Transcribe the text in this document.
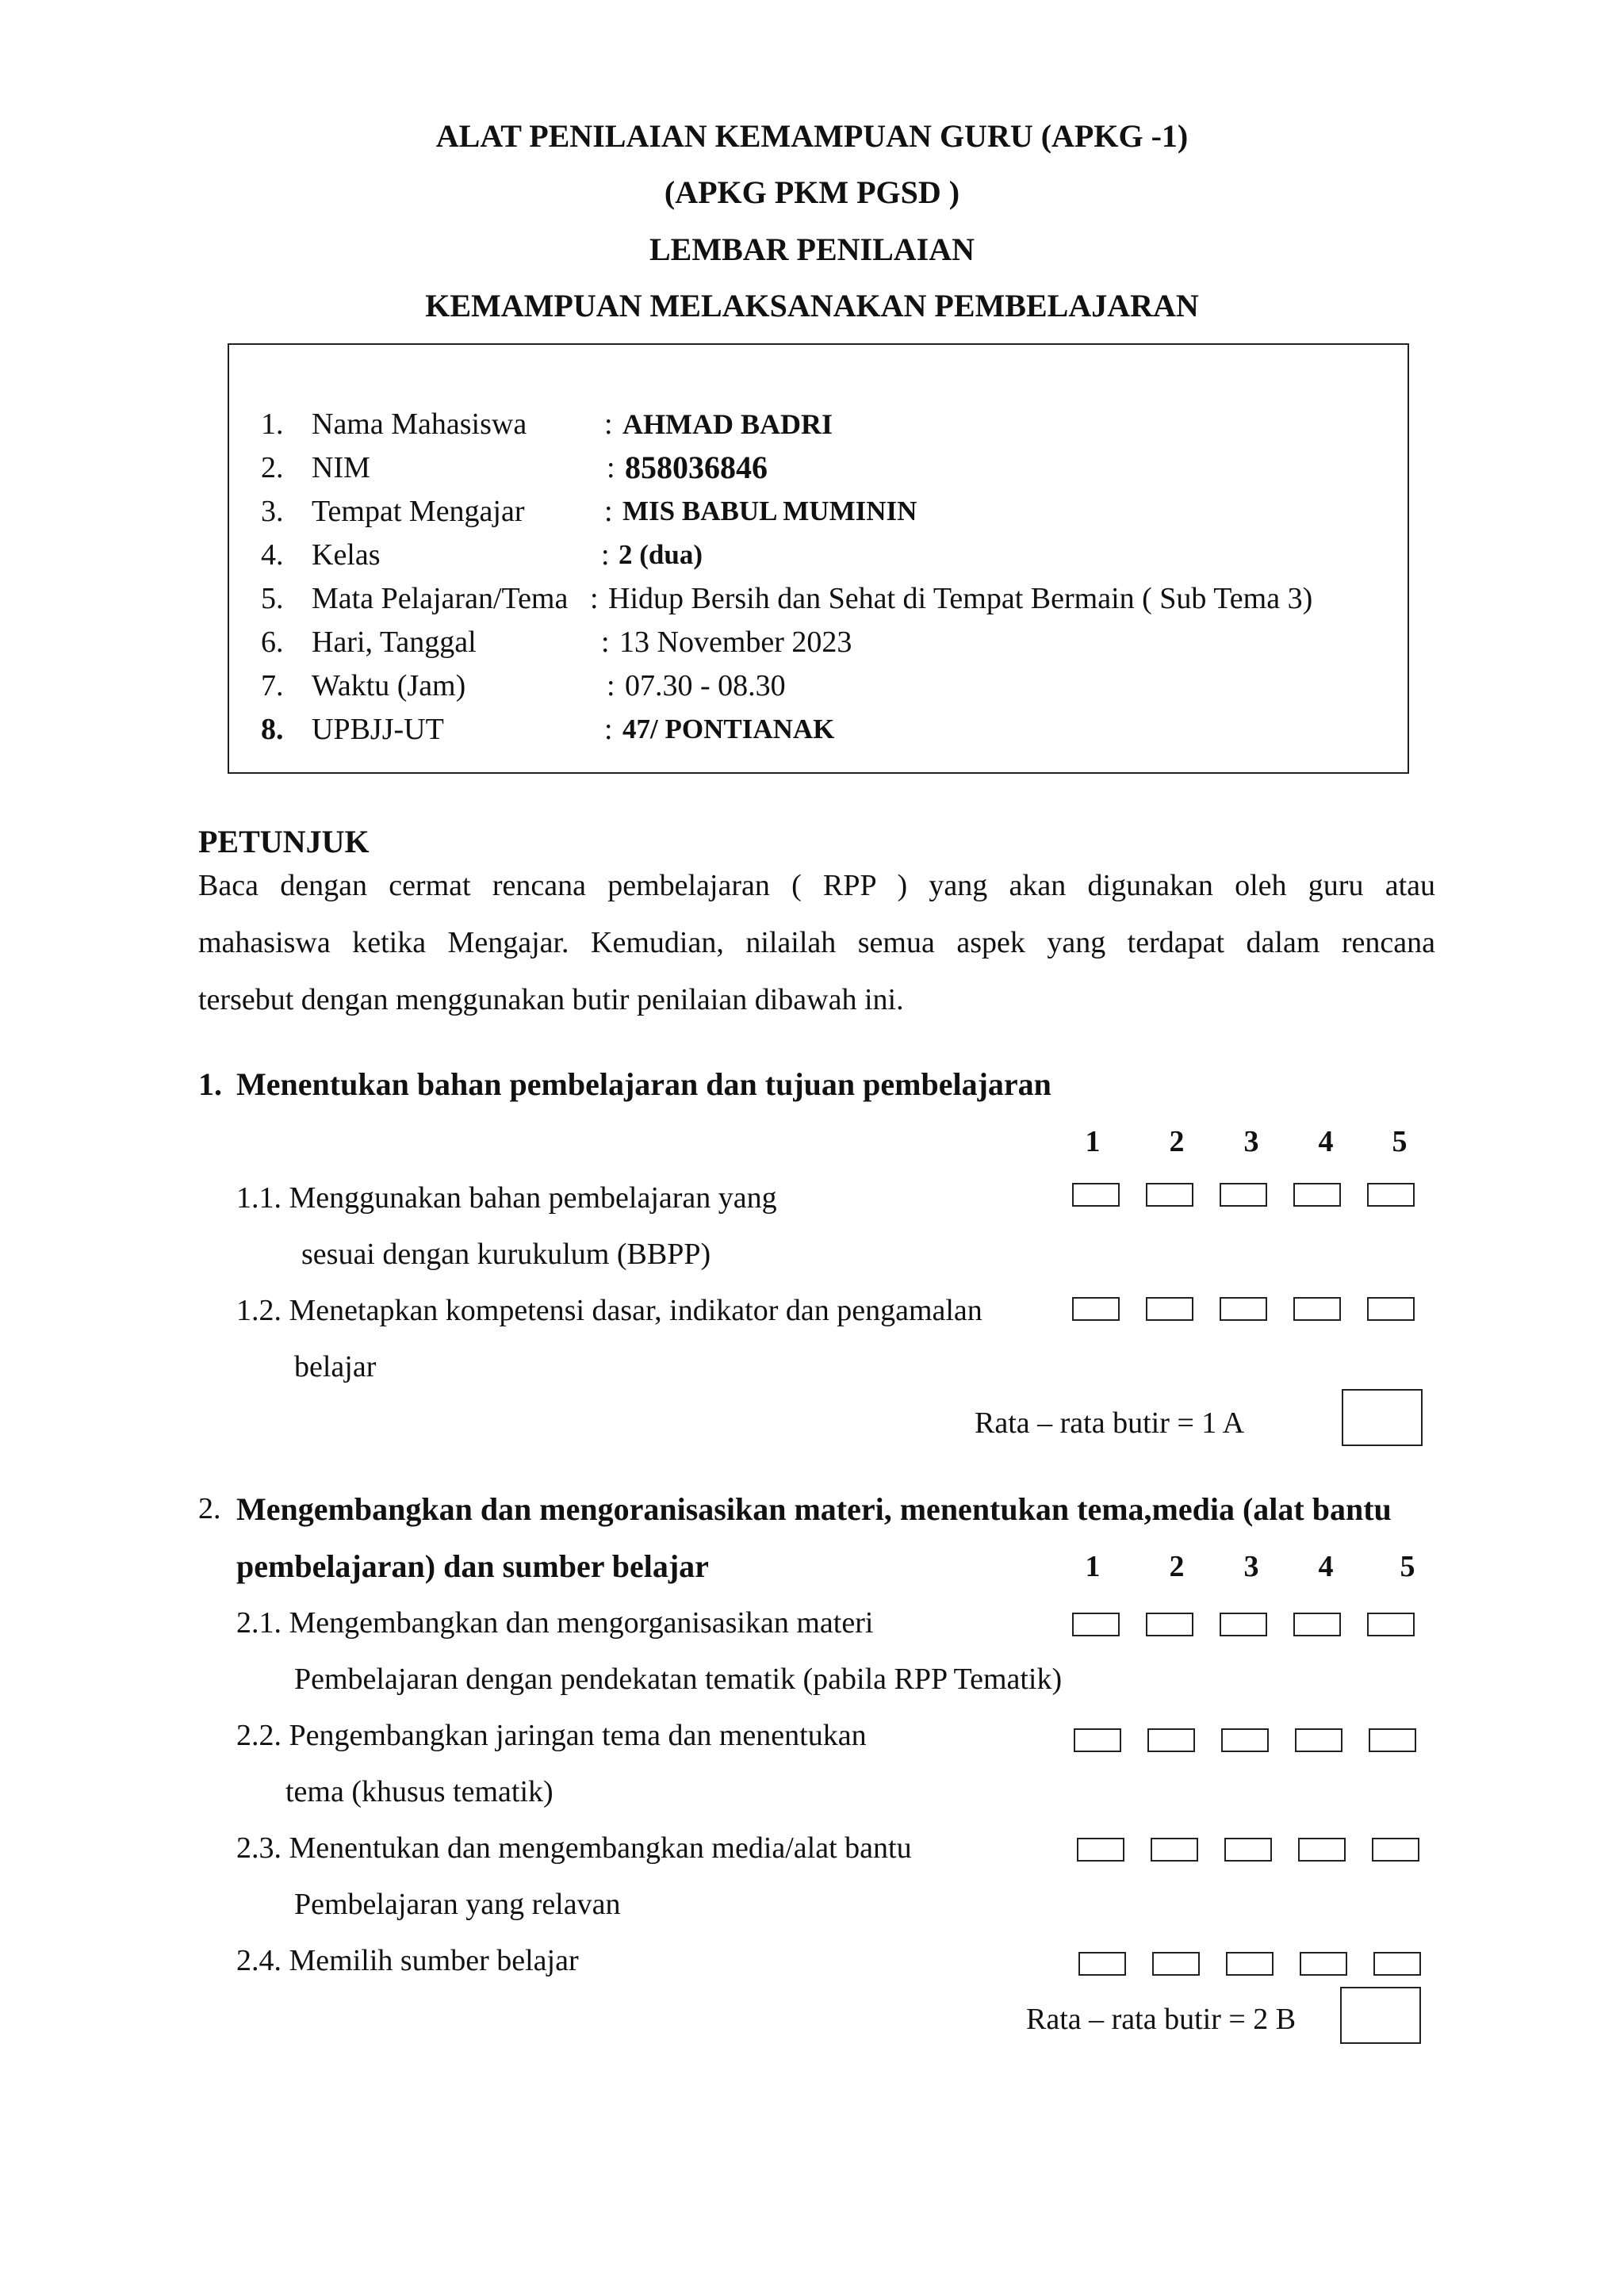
ALAT PENILAIAN KEMAMPUAN GURU (APKG -1)
(APKG PKM PGSD )
LEMBAR PENILAIAN
KEMAMPUAN MELAKSANAKAN PEMBELAJARAN
1. Nama Mahasiswa	: AHMAD BADRI
2. NIM	: 858036846
3. Tempat Mengajar	: MIS BABUL MUMININ
4. Kelas	: 2 (dua)
5. Mata Pelajaran/Tema : Hidup Bersih dan Sehat di Tempat Bermain ( Sub Tema 3)
6. Hari, Tanggal	: 13 November 2023
7. Waktu (Jam)	: 07.30 - 08.30
8. UPBJJ-UT	: 47/ PONTIANAK
PETUNJUK
Baca dengan cermat rencana pembelajaran ( RPP ) yang akan digunakan oleh guru atau
mahasiswa ketika Mengajar. Kemudian, nilailah semua aspek yang terdapat dalam rencana
tersebut dengan menggunakan butir penilaian dibawah ini.
1. Menentukan bahan pembelajaran dan tujuan pembelajaran
1 2 3 4 5
1.1. Menggunakan bahan pembelajaran yang
sesuai dengan kurukulum (BBPP)
1.2. Menetapkan kompetensi dasar, indikator dan pengamalan
belajar
Rata – rata butir = 1 A
2. Mengembangkan dan mengoranisasikan materi, menentukan tema,media (alat bantu
pembelajaran) dan sumber belajar	1 2 3 4 5
2.1. Mengembangkan dan mengorganisasikan materi
Pembelajaran dengan pendekatan tematik (pabila RPP Tematik)
2.2. Pengembangkan jaringan tema dan menentukan
tema (khusus tematik)
2.3. Menentukan dan mengembangkan media/alat bantu
Pembelajaran yang relavan
2.4. Memilih sumber belajar
Rata – rata butir = 2 B
